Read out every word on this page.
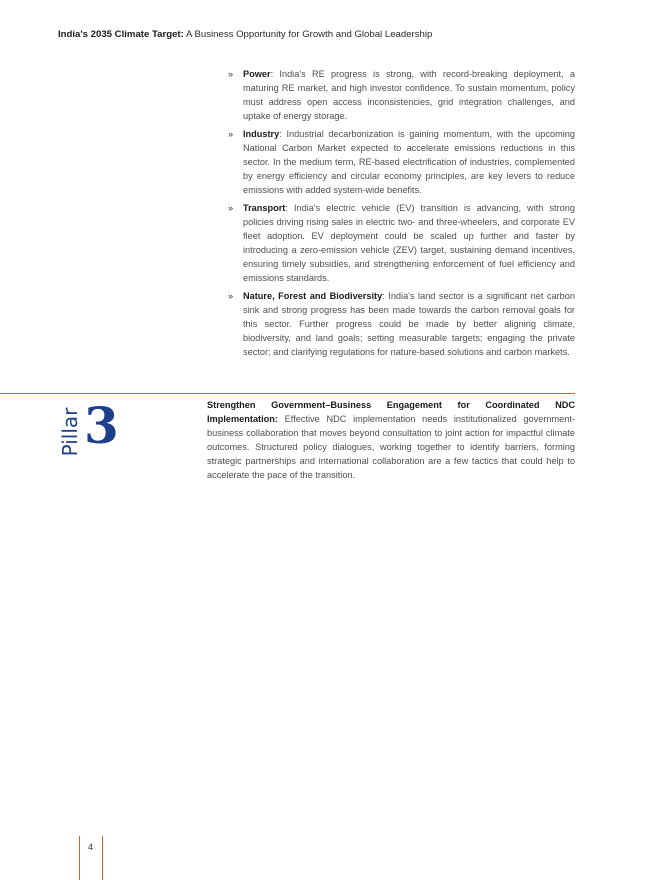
India's 2035 Climate Target: A Business Opportunity for Growth and Global Leadership
» Power: India's RE progress is strong, with record-breaking deployment, a maturing RE market, and high investor confidence. To sustain momentum, policy must address open access inconsistencies, grid integration challenges, and uptake of energy storage.
» Industry: Industrial decarbonization is gaining momentum, with the upcoming National Carbon Market expected to accelerate emissions reductions in this sector. In the medium term, RE-based electrification of industries, complemented by energy efficiency and circular economy principles, are key levers to reduce emissions with added system-wide benefits.
» Transport: India's electric vehicle (EV) transition is advancing, with strong policies driving rising sales in electric two- and three-wheelers, and corporate EV fleet adoption. EV deployment could be scaled up further and faster by introducing a zero-emission vehicle (ZEV) target, sustaining demand incentives, ensuring timely subsidies, and strengthening enforcement of fuel efficiency and emissions standards.
» Nature, Forest and Biodiversity: India's land sector is a significant net carbon sink and strong progress has been made towards the carbon removal goals for this sector. Further progress could be made by better aligning climate, biodiversity, and land goals; setting measurable targets; engaging the private sector; and clarifying regulations for nature-based solutions and carbon markets.
Pillar 3	Strengthen Government–Business Engagement for Coordinated NDC Implementation: Effective NDC implementation needs institutionalized government-business collaboration that moves beyond consultation to joint action for impactful climate outcomes. Structured policy dialogues, working together to identify barriers, forming strategic partnerships and international collaboration are a few tactics that could help to accelerate the pace of the transition.

4
